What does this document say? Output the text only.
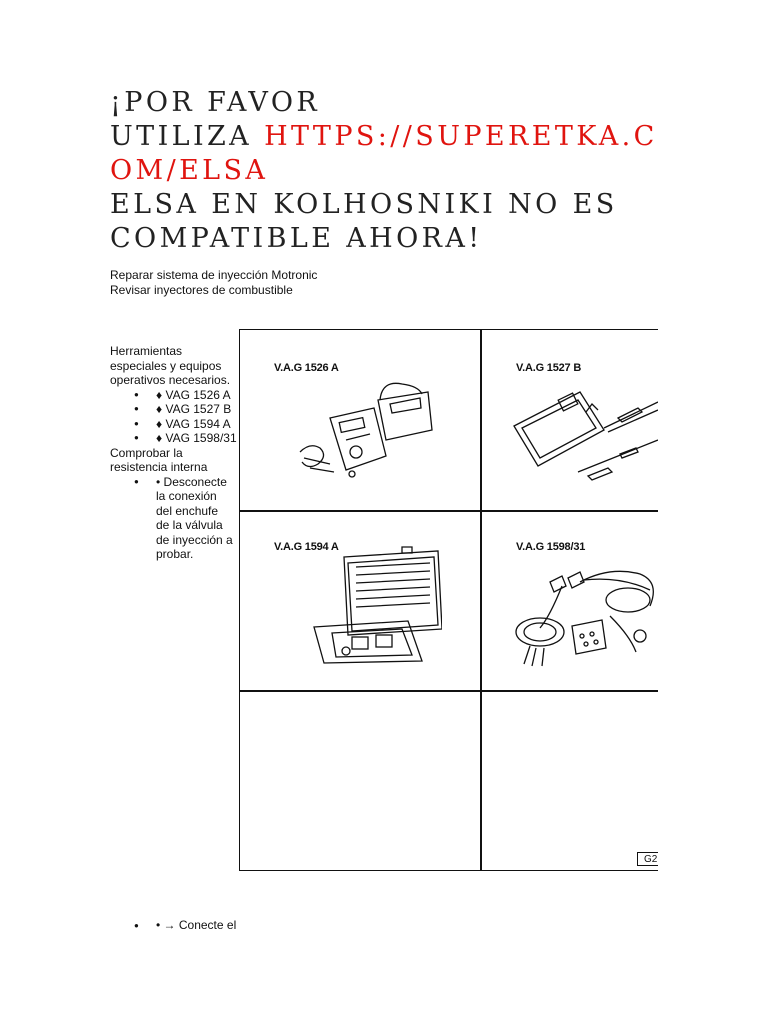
¡POR FAVOR
UTILIZA HTTPS://SUPERETKA.C
OM/ELSA
ELSA EN KOLHOSNIKI NO ES
COMPATIBLE AHORA!
Reparar sistema de inyección Motronic
Revisar inyectores de combustible

Herramientas especiales y equipos operativos necesarios.

● ♦ VAG 1526 A
● ♦ VAG 1527 B
● ♦ VAG 1594 A
● ♦ VAG 1598/31

Comprobar la resistencia interna

● • Desconecte
la conexión
del enchufe
de la válvula
de inyección a
probar.
V.A.G 1526 A	V.A.G 1527 B
V.A.G 1594 A	V.A.G 1598/31
G2
● • → Conecte el
